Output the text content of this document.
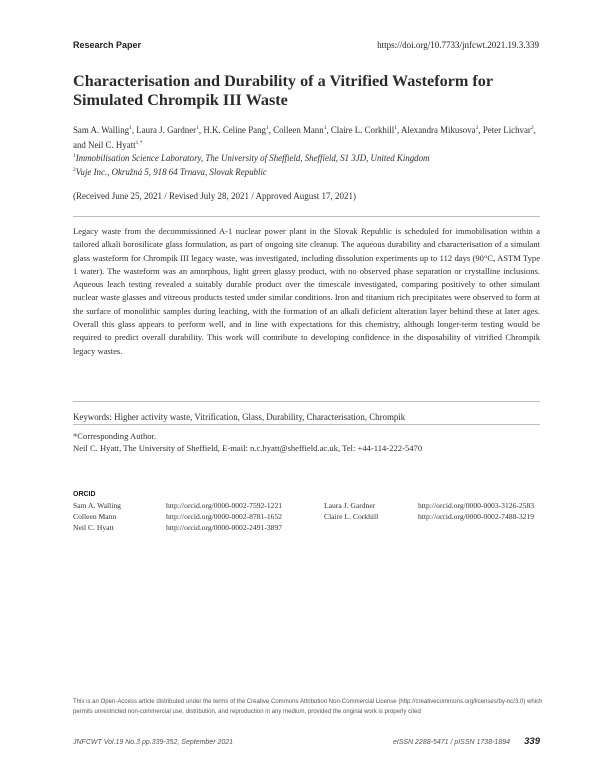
Research Paper	https://doi.org/10.7733/jnfcwt.2021.19.3.339
Characterisation and Durability of a Vitrified Wasteform for Simulated Chrompik III Waste
Sam A. Walling$^1$, Laura J. Gardner$^1$, H.K. Celine Pang$^1$, Colleen Mann$^1$, Claire L. Corkhill$^1$, Alexandra Mikusova$^2$, Peter Lichvar$^2$, and Neil C. Hyatt$^{1,*}$
$^1$Immobilisation Science Laboratory, The University of Sheffield, Sheffield, S1 3JD, United Kingdom
$^2$Vuje Inc., Okružná 5, 918 64 Trnava, Slovak Republic
(Received June 25, 2021 / Revised July 28, 2021 / Approved August 17, 2021)

Legacy waste from the decommissioned A-1 nuclear power plant in the Slovak Republic is scheduled for immobilisation within a tailored alkali borosilicate glass formulation, as part of ongoing site cleanup. The aqueous durability and characterisation of a simulant glass wasteform for Chrompik III legacy waste, was investigated, including dissolution experiments up to 112 days (90°C, ASTM Type 1 water). The wasteform was an amorphous, light green glassy product, with no observed phase separation or crystalline inclusions. Aqueous leach testing revealed a suitably durable product over the timescale investigated, comparing positively to other simulant nuclear waste glasses and vitreous products tested under similar conditions. Iron and titanium rich precipitates were observed to form at the surface of monolithic samples during leaching, with the formation of an alkali deficient alteration layer behind these at later ages. Overall this glass appears to perform well, and in line with expectations for this chemistry, although longer-term testing would be required to predict overall durability. This work will contribute to developing confidence in the disposability of vitrified Chrompik legacy wastes.

Keywords: Higher activity waste, Vitrification, Glass, Durability, Characterisation, Chrompik
*Corresponding Author.
Neil C. Hyatt, The University of Sheffield, E-mail: n.c.hyatt@sheffield.ac.uk, Tel: +44-114-222-5470
ORCID
Sam A. Walling	http://orcid.org/0000-0002-7592-1221
Colleen Mann	http://orcid.org/0000-0002-8781-1652
Neil C. Hyatt	http://orcid.org/0000-0002-2491-3897
Laura J. Gardner	http://orcid.org/0000-0003-3126-2583
Claire L. Corkhill	http://orcid.org/0000-0002-7488-3219
This is an Open-Access article distributed under the terms of the Creative Commons Attribution Non-Commercial License (http://creativecommons.org/licenses/by-nc/3.0) which permits unrestricted non-commercial use, distribution, and reproduction in any medium, provided the original work is properly cited
JNFCWT Vol.19 No.3 pp.339-352, September 2021	eISSN 2288-5471 / pISSN 1738-1894 339
